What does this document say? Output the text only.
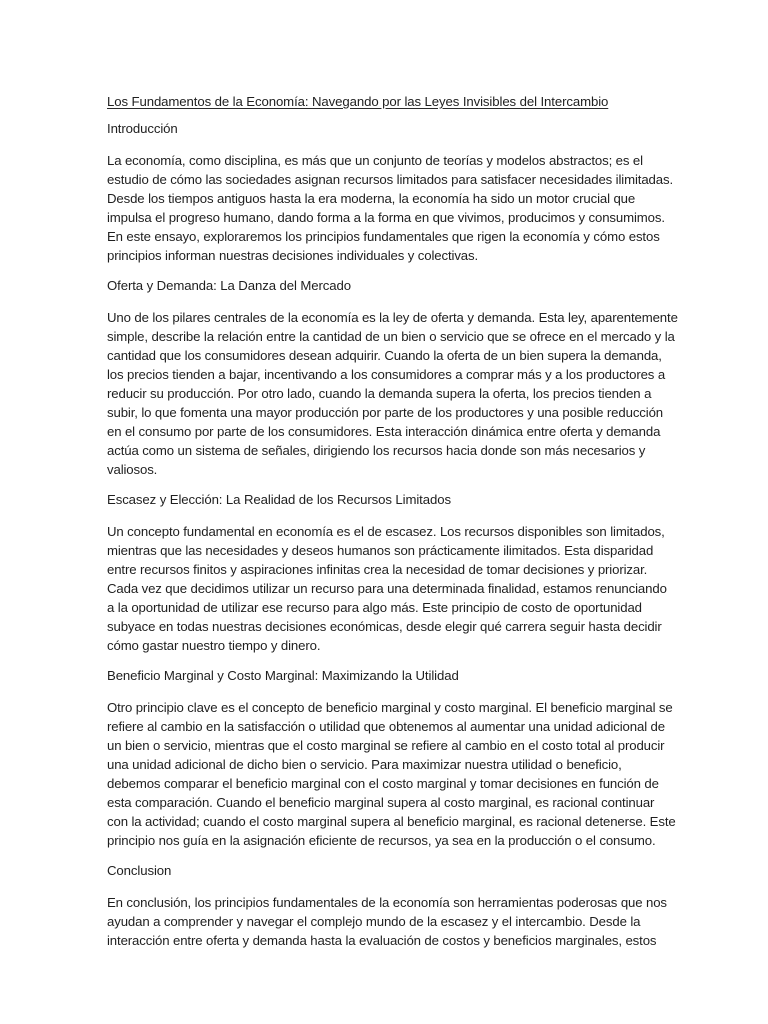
Los Fundamentos de la Economía: Navegando por las Leyes Invisibles del Intercambio
Introducción
La economía, como disciplina, es más que un conjunto de teorías y modelos abstractos; es el
estudio de cómo las sociedades asignan recursos limitados para satisfacer necesidades ilimitadas.
Desde los tiempos antiguos hasta la era moderna, la economía ha sido un motor crucial que
impulsa el progreso humano, dando forma a la forma en que vivimos, producimos y consumimos.
En este ensayo, exploraremos los principios fundamentales que rigen la economía y cómo estos
principios informan nuestras decisiones individuales y colectivas.
Oferta y Demanda: La Danza del Mercado
Uno de los pilares centrales de la economía es la ley de oferta y demanda. Esta ley, aparentemente
simple, describe la relación entre la cantidad de un bien o servicio que se ofrece en el mercado y la
cantidad que los consumidores desean adquirir. Cuando la oferta de un bien supera la demanda,
los precios tienden a bajar, incentivando a los consumidores a comprar más y a los productores a
reducir su producción. Por otro lado, cuando la demanda supera la oferta, los precios tienden a
subir, lo que fomenta una mayor producción por parte de los productores y una posible reducción
en el consumo por parte de los consumidores. Esta interacción dinámica entre oferta y demanda
actúa como un sistema de señales, dirigiendo los recursos hacia donde son más necesarios y
valiosos.
Escasez y Elección: La Realidad de los Recursos Limitados
Un concepto fundamental en economía es el de escasez. Los recursos disponibles son limitados,
mientras que las necesidades y deseos humanos son prácticamente ilimitados. Esta disparidad
entre recursos finitos y aspiraciones infinitas crea la necesidad de tomar decisiones y priorizar.
Cada vez que decidimos utilizar un recurso para una determinada finalidad, estamos renunciando
a la oportunidad de utilizar ese recurso para algo más. Este principio de costo de oportunidad
subyace en todas nuestras decisiones económicas, desde elegir qué carrera seguir hasta decidir
cómo gastar nuestro tiempo y dinero.
Beneficio Marginal y Costo Marginal: Maximizando la Utilidad
Otro principio clave es el concepto de beneficio marginal y costo marginal. El beneficio marginal se
refiere al cambio en la satisfacción o utilidad que obtenemos al aumentar una unidad adicional de
un bien o servicio, mientras que el costo marginal se refiere al cambio en el costo total al producir
una unidad adicional de dicho bien o servicio. Para maximizar nuestra utilidad o beneficio,
debemos comparar el beneficio marginal con el costo marginal y tomar decisiones en función de
esta comparación. Cuando el beneficio marginal supera al costo marginal, es racional continuar
con la actividad; cuando el costo marginal supera al beneficio marginal, es racional detenerse. Este
principio nos guía en la asignación eficiente de recursos, ya sea en la producción o el consumo.
Conclusion
En conclusión, los principios fundamentales de la economía son herramientas poderosas que nos
ayudan a comprender y navegar el complejo mundo de la escasez y el intercambio. Desde la
interacción entre oferta y demanda hasta la evaluación de costos y beneficios marginales, estos
